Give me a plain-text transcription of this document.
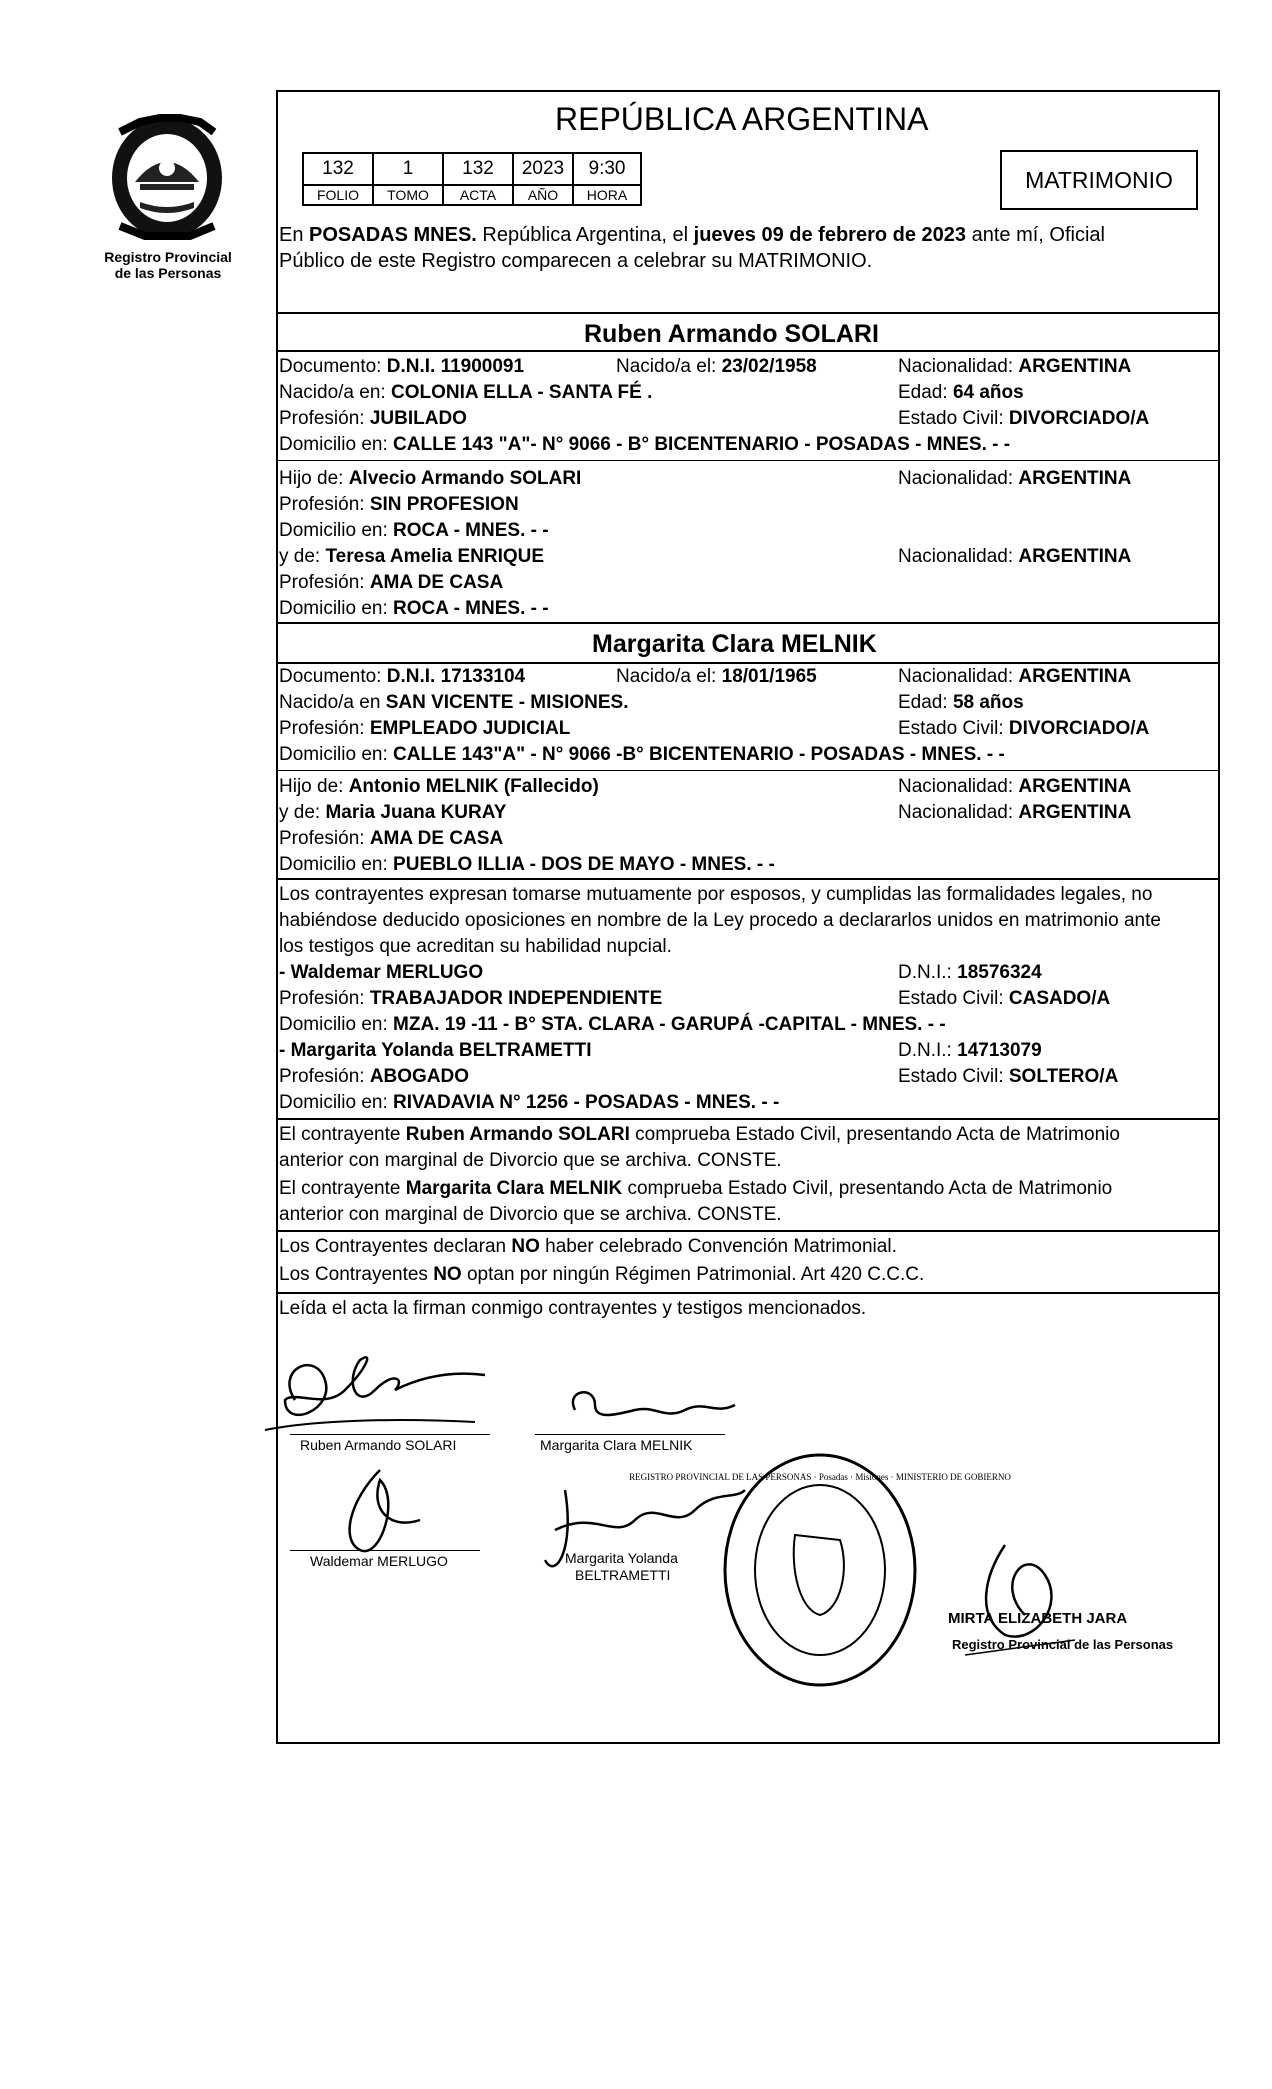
Registro Provincial
de las Personas
REPÚBLICA ARGENTINA
132	1	132	2023	9:30
FOLIO	TOMO	ACTA	AÑO	HORA
MATRIMONIO
En POSADAS MNES. República Argentina, el jueves 09 de febrero de 2023 ante mí, Oficial
Público de este Registro comparecen a celebrar su MATRIMONIO.
Ruben Armando SOLARI
Documento: D.N.I. 11900091	Nacido/a el: 23/02/1958	Nacionalidad: ARGENTINA
Nacido/a en: COLONIA ELLA - SANTA FÉ .	Edad: 64 años
Profesión: JUBILADO	Estado Civil: DIVORCIADO/A
Domicilio en: CALLE 143 "A"- N° 9066 - B° BICENTENARIO - POSADAS - MNES. - -
Hijo de: Alvecio Armando SOLARI	Nacionalidad: ARGENTINA
Profesión: SIN PROFESION
Domicilio en: ROCA - MNES. - -
y de: Teresa Amelia ENRIQUE	Nacionalidad: ARGENTINA
Profesión: AMA DE CASA
Domicilio en: ROCA - MNES. - -
Margarita Clara MELNIK
Documento: D.N.I. 17133104	Nacido/a el: 18/01/1965	Nacionalidad: ARGENTINA
Nacido/a en SAN VICENTE - MISIONES.	Edad: 58 años
Profesión: EMPLEADO JUDICIAL	Estado Civil: DIVORCIADO/A
Domicilio en: CALLE 143"A" - N° 9066 -B° BICENTENARIO - POSADAS - MNES. - -
Hijo de: Antonio MELNIK (Fallecido)	Nacionalidad: ARGENTINA
y de: Maria Juana KURAY	Nacionalidad: ARGENTINA
Profesión: AMA DE CASA
Domicilio en: PUEBLO ILLIA - DOS DE MAYO - MNES. - -
Los contrayentes expresan tomarse mutuamente por esposos, y cumplidas las formalidades legales, no
habiéndose deducido oposiciones en nombre de la Ley procedo a declararlos unidos en matrimonio ante
los testigos que acreditan su habilidad nupcial.
- Waldemar MERLUGO	D.N.I.: 18576324
Profesión: TRABAJADOR INDEPENDIENTE	Estado Civil: CASADO/A
Domicilio en: MZA. 19 -11 - B° STA. CLARA - GARUPÁ -CAPITAL - MNES. - -
- Margarita Yolanda BELTRAMETTI	D.N.I.: 14713079
Profesión: ABOGADO	Estado Civil: SOLTERO/A
Domicilio en: RIVADAVIA N° 1256 - POSADAS - MNES. - -
El contrayente Ruben Armando SOLARI comprueba Estado Civil, presentando Acta de Matrimonio
anterior con marginal de Divorcio que se archiva. CONSTE.
El contrayente Margarita Clara MELNIK comprueba Estado Civil, presentando Acta de Matrimonio
anterior con marginal de Divorcio que se archiva. CONSTE.
Los Contrayentes declaran NO haber celebrado Convención Matrimonial.
Los Contrayentes NO optan por ningún Régimen Patrimonial. Art 420 C.C.C.
Leída el acta la firman conmigo contrayentes y testigos mencionados.
Ruben Armando SOLARI	Margarita Clara MELNIK
Waldemar MERLUGO	Margarita Yolanda
BELTRAMETTI
REGISTRO PROVINCIAL DE LAS PERSONAS · Posadas · Misiones · MINISTERIO DE GOBIERNO
MIRTA ELIZABETH JARA
Registro Provincial de las Personas
